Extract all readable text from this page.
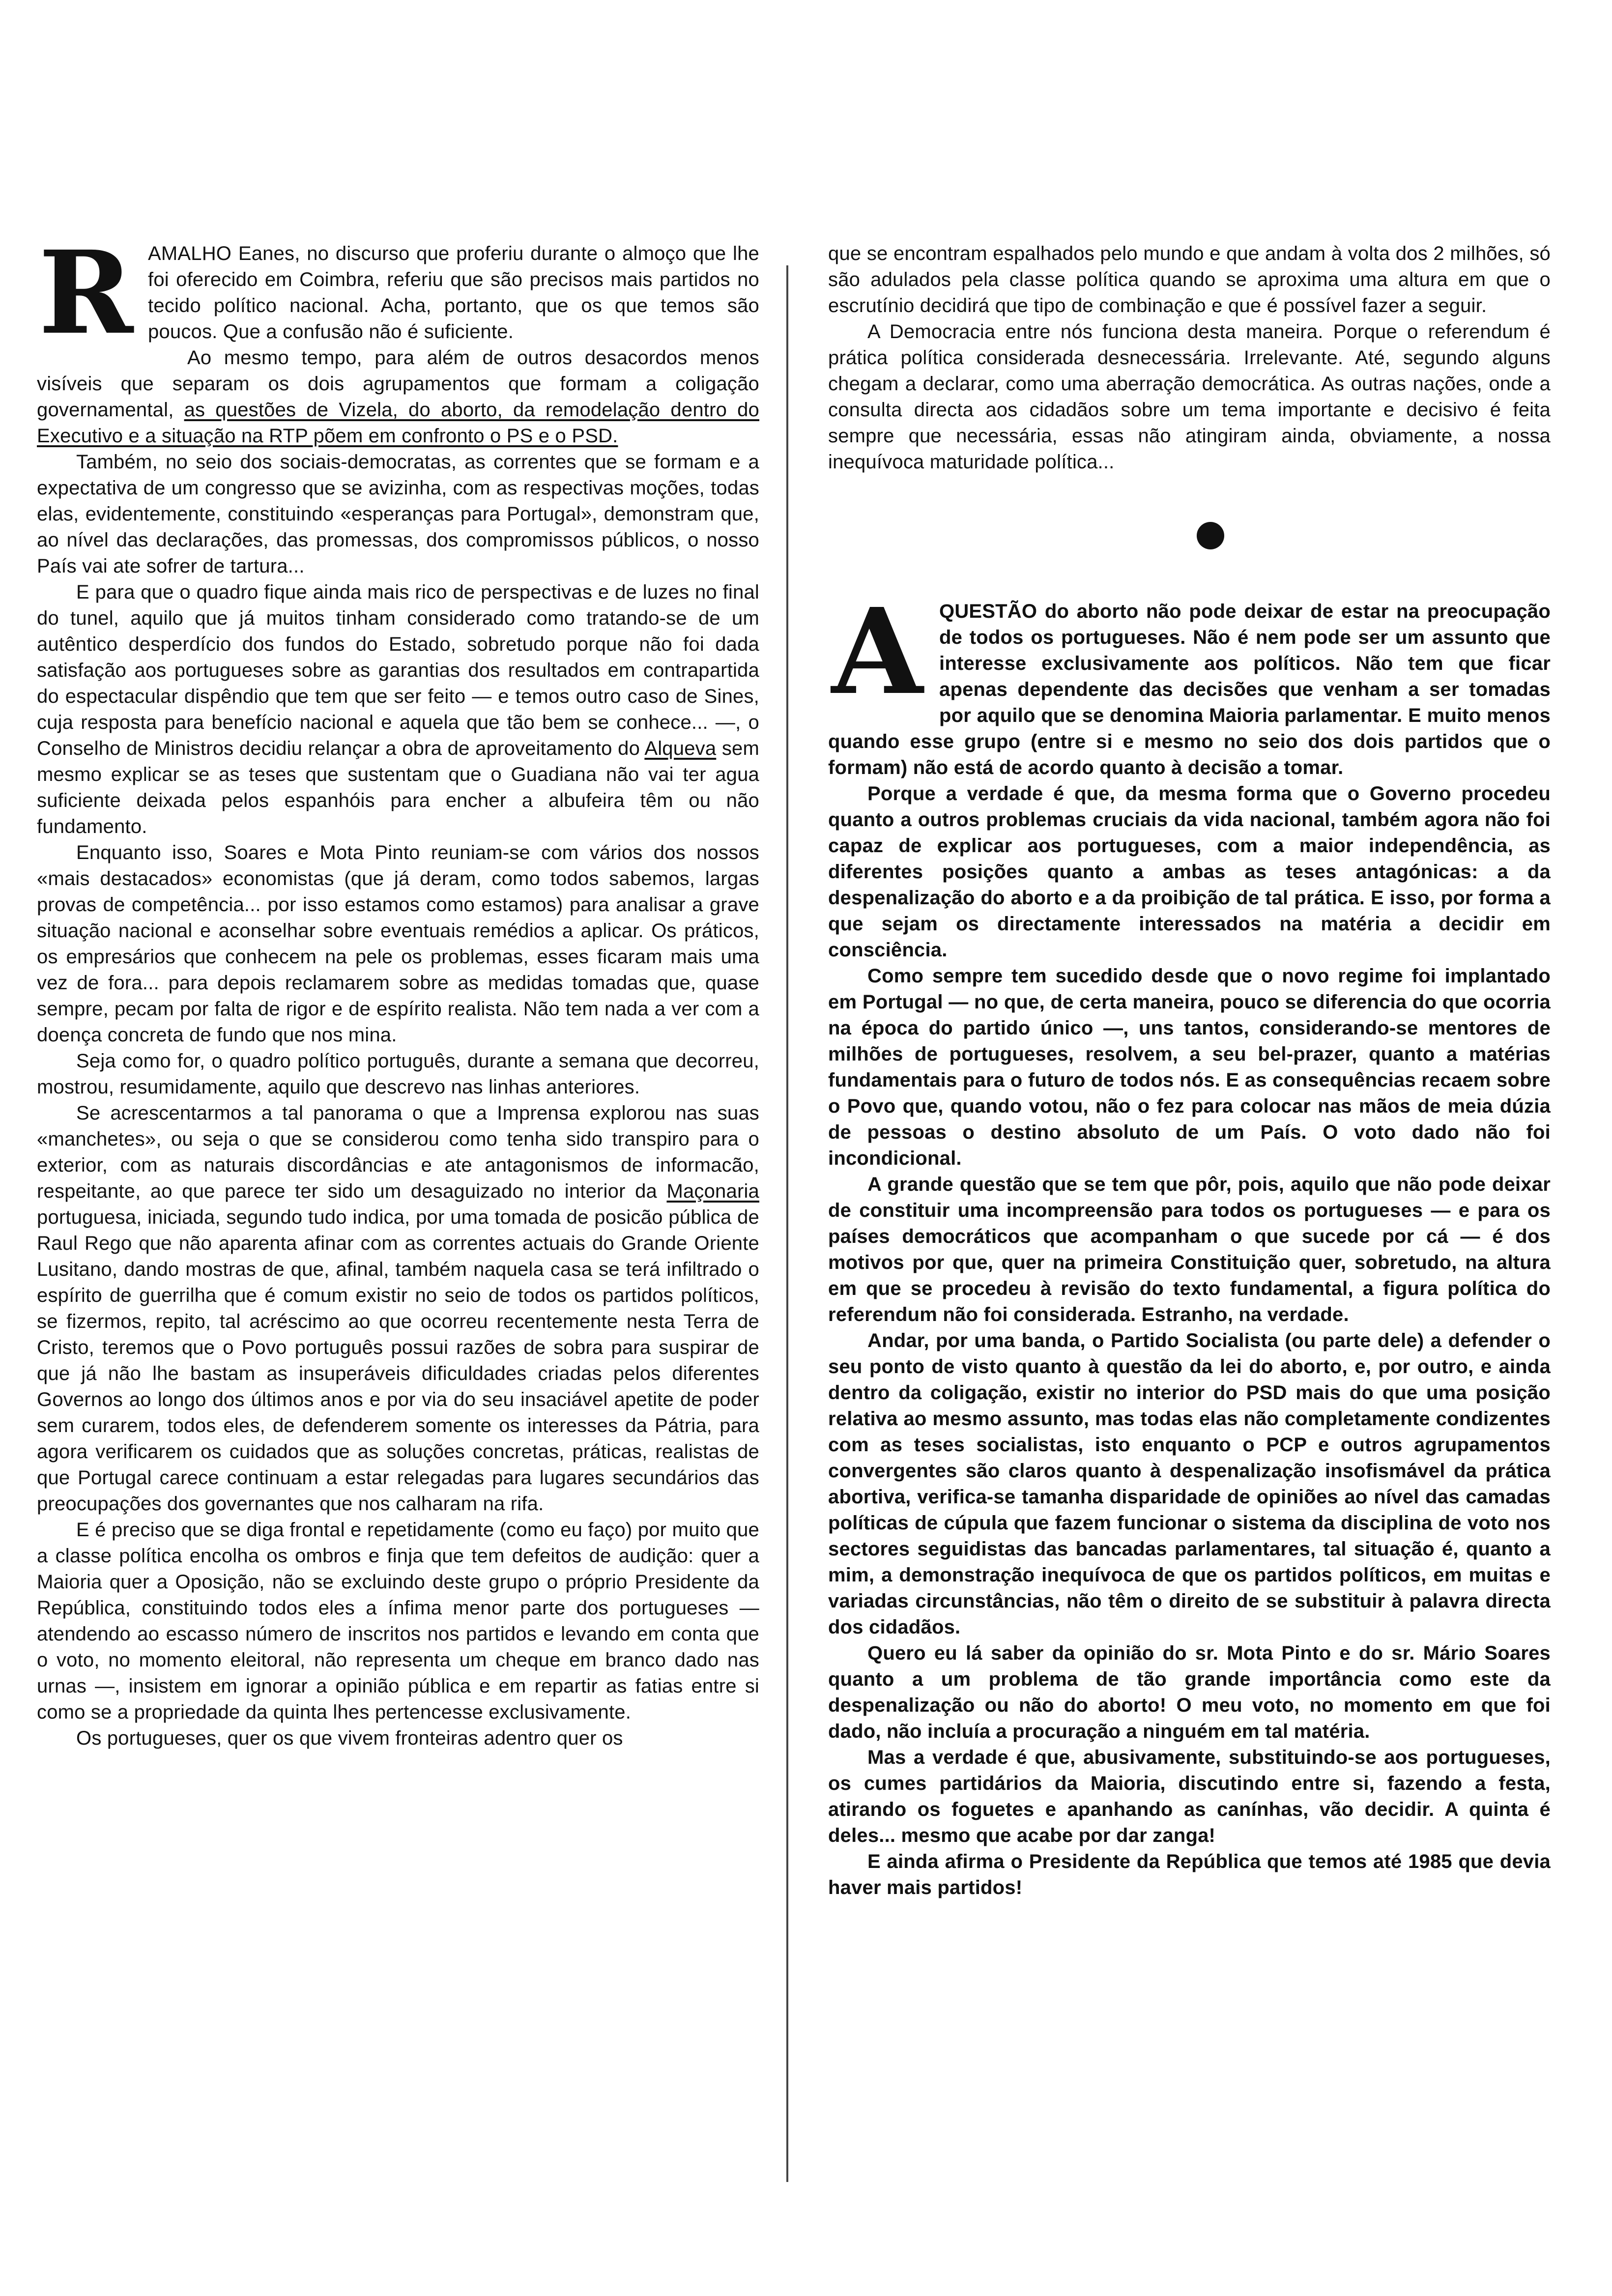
R AMALHO Eanes, no discurso que proferiu durante o almoço que lhe foi oferecido em Coimbra, referiu que são precisos mais partidos no tecido político nacional. Acha, portanto, que os que temos são poucos. Que a confusão não é suficiente.

Ao mesmo tempo, para além de outros desacordos menos visíveis que separam os dois agrupamentos que formam a coligação governamental, as questões de Vizela, do aborto, da remodelação dentro do Executivo e a situação na RTP põem em confronto o PS e o PSD.

Também, no seio dos sociais-democratas, as correntes que se formam e a expectativa de um congresso que se avizinha, com as respectivas moções, todas elas, evidentemente, constituindo «esperanças para Portugal», demonstram que, ao nível das declarações, das promessas, dos compromissos públicos, o nosso País vai ate sofrer de tartura...

E para que o quadro fique ainda mais rico de perspectivas e de luzes no final do tunel, aquilo que já muitos tinham considerado como tratando-se de um autêntico desperdício dos fundos do Estado, sobretudo porque não foi dada satisfação aos portugueses sobre as garantias dos resultados em contrapartida do espectacular dispêndio que tem que ser feito — e temos outro caso de Sines, cuja resposta para benefício nacional e aquela que tão bem se conhece... —, o Conselho de Ministros decidiu relançar a obra de aproveitamento do Alqueva sem mesmo explicar se as teses que sustentam que o Guadiana não vai ter agua suficiente deixada pelos espanhóis para encher a albufeira têm ou não fundamento.

Enquanto isso, Soares e Mota Pinto reuniam-se com vários dos nossos «mais destacados» economistas (que já deram, como todos sabemos, largas provas de competência... por isso estamos como estamos) para analisar a grave situação nacional e aconselhar sobre eventuais remédios a aplicar. Os práticos, os empresários que conhecem na pele os problemas, esses ficaram mais uma vez de fora... para depois reclamarem sobre as medidas tomadas que, quase sempre, pecam por falta de rigor e de espírito realista. Não tem nada a ver com a doença concreta de fundo que nos mina.

Seja como for, o quadro político português, durante a semana que decorreu, mostrou, resumidamente, aquilo que descrevo nas linhas anteriores.

Se acrescentarmos a tal panorama o que a Imprensa explorou nas suas «manchetes», ou seja o que se considerou como tenha sido transpiro para o exterior, com as naturais discordâncias e ate antagonismos de informacão, respeitante, ao que parece ter sido um desaguizado no interior da Maçonaria portuguesa, iniciada, segundo tudo indica, por uma tomada de posicão pública de Raul Rego que não aparenta afinar com as correntes actuais do Grande Oriente Lusitano, dando mostras de que, afinal, também naquela casa se terá infiltrado o espírito de guerrilha que é comum existir no seio de todos os partidos políticos, se fizermos, repito, tal acréscimo ao que ocorreu recentemente nesta Terra de Cristo, teremos que o Povo português possui razões de sobra para suspirar de que já não lhe bastam as insuperáveis dificuldades criadas pelos diferentes Governos ao longo dos últimos anos e por via do seu insaciável apetite de poder sem curarem, todos eles, de defenderem somente os interesses da Pátria, para agora verificarem os cuidados que as soluções concretas, práticas, realistas de que Portugal carece continuam a estar relegadas para lugares secundários das preocupações dos governantes que nos calharam na rifa.

E é preciso que se diga frontal e repetidamente (como eu faço) por muito que a classe política encolha os ombros e finja que tem defeitos de audição: quer a Maioria quer a Oposição, não se excluindo deste grupo o próprio Presidente da República, constituindo todos eles a ínfima menor parte dos portugueses — atendendo ao escasso número de inscritos nos partidos e levando em conta que o voto, no momento eleitoral, não representa um cheque em branco dado nas urnas —, insistem em ignorar a opinião pública e em repartir as fatias entre si como se a propriedade da quinta lhes pertencesse exclusivamente.

Os portugueses, quer os que vivem fronteiras adentro quer os

que se encontram espalhados pelo mundo e que andam à volta dos 2 milhões, só são adulados pela classe política quando se aproxima uma altura em que o escrutínio decidirá que tipo de combinação e que é possível fazer a seguir.

A Democracia entre nós funciona desta maneira. Porque o referendum é prática política considerada desnecessária. Irrelevante. Até, segundo alguns chegam a declarar, como uma aberração democrática. As outras nações, onde a consulta directa aos cidadãos sobre um tema importante e decisivo é feita sempre que necessária, essas não atingiram ainda, obviamente, a nossa inequívoca maturidade política...

A QUESTÃO do aborto não pode deixar de estar na preocupação de todos os portugueses. Não é nem pode ser um assunto que interesse exclusivamente aos políticos. Não tem que ficar apenas dependente das decisões que venham a ser tomadas por aquilo que se denomina Maioria parlamentar. E muito menos quando esse grupo (entre si e mesmo no seio dos dois partidos que o formam) não está de acordo quanto à decisão a tomar.

Porque a verdade é que, da mesma forma que o Governo procedeu quanto a outros problemas cruciais da vida nacional, também agora não foi capaz de explicar aos portugueses, com a maior independência, as diferentes posições quanto a ambas as teses antagónicas: a da despenalização do aborto e a da proibição de tal prática. E isso, por forma a que sejam os directamente interessados na matéria a decidir em consciência.

Como sempre tem sucedido desde que o novo regime foi implantado em Portugal — no que, de certa maneira, pouco se diferencia do que ocorria na época do partido único —, uns tantos, considerando-se mentores de milhões de portugueses, resolvem, a seu bel-prazer, quanto a matérias fundamentais para o futuro de todos nós. E as consequências recaem sobre o Povo que, quando votou, não o fez para colocar nas mãos de meia dúzia de pessoas o destino absoluto de um País. O voto dado não foi incondicional.

A grande questão que se tem que pôr, pois, aquilo que não pode deixar de constituir uma incompreensão para todos os portugueses — e para os países democráticos que acompanham o que sucede por cá — é dos motivos por que, quer na primeira Constituição quer, sobretudo, na altura em que se procedeu à revisão do texto fundamental, a figura política do referendum não foi considerada. Estranho, na verdade.

Andar, por uma banda, o Partido Socialista (ou parte dele) a defender o seu ponto de visto quanto à questão da lei do aborto, e, por outro, e ainda dentro da coligação, existir no interior do PSD mais do que uma posição relativa ao mesmo assunto, mas todas elas não completamente condizentes com as teses socialistas, isto enquanto o PCP e outros agrupamentos convergentes são claros quanto à despenalização insofismável da prática abortiva, verifica-se tamanha disparidade de opiniões ao nível das camadas políticas de cúpula que fazem funcionar o sistema da disciplina de voto nos sectores seguidistas das bancadas parlamentares, tal situação é, quanto a mim, a demonstração inequívoca de que os partidos políticos, em muitas e variadas circunstâncias, não têm o direito de se substituir à palavra directa dos cidadãos.

Quero eu lá saber da opinião do sr. Mota Pinto e do sr. Mário Soares quanto a um problema de tão grande importância como este da despenalização ou não do aborto! O meu voto, no momento em que foi dado, não incluía a procuração a ninguém em tal matéria.

Mas a verdade é que, abusivamente, substituindo-se aos portugueses, os cumes partidários da Maioria, discutindo entre si, fazendo a festa, atirando os foguetes e apanhando as canínhas, vão decidir. A quinta é deles... mesmo que acabe por dar zanga!

E ainda afirma o Presidente da República que temos até 1985 que devia haver mais partidos!
